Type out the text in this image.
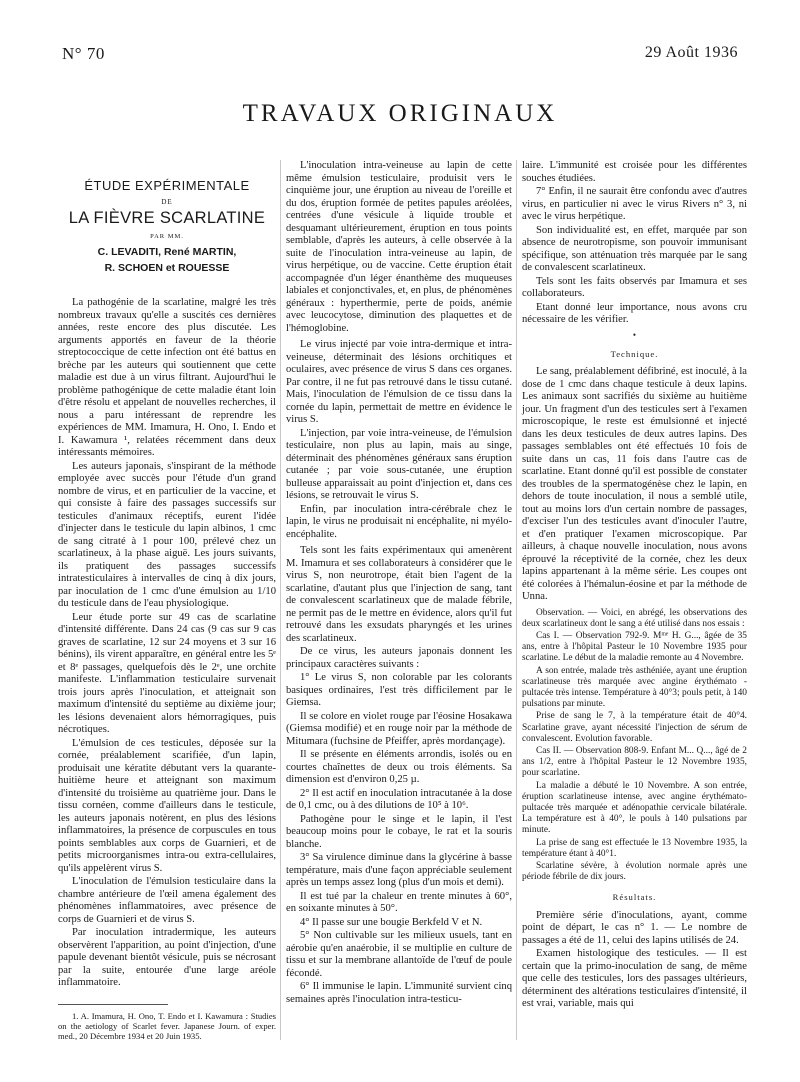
N° 70	29 Août 1936
TRAVAUX ORIGINAUX
ÉTUDE EXPÉRIMENTALE
DE
LA FIÈVRE SCARLATINE
PAR MM.
C. LEVADITI, René MARTIN,
R. SCHOEN et ROUESSE

La pathogénie de la scarlatine, malgré les très nombreux travaux qu'elle a suscités ces dernières années, reste encore des plus discutée. Les arguments apportés en faveur de la théorie streptococcique de cette infection ont été battus en brèche par les auteurs qui soutiennent que cette maladie est due à un virus filtrant. Aujourd'hui le problème pathogénique de cette maladie étant loin d'être résolu et appelant de nouvelles recherches, il nous a paru intéressant de reprendre les expériences de MM. Imamura, H. Ono, I. Endo et I. Kawamura ¹, relatées récemment dans deux intéressants mémoires.

Les auteurs japonais, s'inspirant de la méthode employée avec succès pour l'étude d'un grand nombre de virus, et en particulier de la vaccine, et qui consiste à faire des passages successifs sur testicules d'animaux réceptifs, eurent l'idée d'injecter dans le testicule du lapin albinos, 1 cmc de sang citraté à 1 pour 100, prélevé chez un scarlatineux, à la phase aiguë. Les jours suivants, ils pratiquent des passages successifs intratesticulaires à intervalles de cinq à dix jours, par inoculation de 1 cmc d'une émulsion au 1/10 du testicule dans de l'eau physiologique.

Leur étude porte sur 49 cas de scarlatine d'intensité différente. Dans 24 cas (9 cas sur 9 cas graves de scarlatine, 12 sur 24 moyens et 3 sur 16 bénins), ils virent apparaître, en général entre les 5ᵉ et 8ᵉ passages, quelquefois dès le 2ᵉ, une orchite manifeste. L'inflammation testiculaire survenait trois jours après l'inoculation, et atteignait son maximum d'intensité du septième au dixième jour; les lésions devenaient alors hémorragiques, puis nécrotiques.

L'émulsion de ces testicules, déposée sur la cornée, préalablement scarifiée, d'un lapin, produisait une kératite débutant vers la quarante-huitième heure et atteignant son maximum d'intensité du troisième au quatrième jour. Dans le tissu cornéen, comme d'ailleurs dans le testicule, les auteurs japonais notèrent, en plus des lésions inflammatoires, la présence de corpuscules en tous points semblables aux corps de Guarnieri, et de petits microorganismes intra-ou extra-cellulaires, qu'ils appelèrent virus S.

L'inoculation de l'émulsion testiculaire dans la chambre antérieure de l'œil amena également des phénomènes inflammatoires, avec présence de corps de Guarnieri et de virus S.

Par inoculation intradermique, les auteurs observèrent l'apparition, au point d'injection, d'une papule devenant bientôt vésicule, puis se nécrosant par la suite, entourée d'une large aréole inflammatoire.

1. A. Imamura, H. Ono, T. Endo et I. Kawamura : Studies on the aetiology of Scarlet fever. Japanese Journ. of exper. med., 20 Décembre 1934 et 20 Juin 1935.

L'inoculation intra-veineuse au lapin de cette même émulsion testiculaire, produisit vers le cinquième jour, une éruption au niveau de l'oreille et du dos, éruption formée de petites papules aréolées, centrées d'une vésicule à liquide trouble et desquamant ultérieurement, éruption en tous points semblable, d'après les auteurs, à celle observée à la suite de l'inoculation intra-veineuse au lapin, de virus herpétique, ou de vaccine. Cette éruption était accompagnée d'un léger énanthème des muqueuses labiales et conjonctivales, et, en plus, de phénomènes généraux : hyperthermie, perte de poids, anémie avec leucocytose, diminution des plaquettes et de l'hémoglobine.

Le virus injecté par voie intra-dermique et intra-veineuse, déterminait des lésions orchitiques et oculaires, avec présence de virus S dans ces organes. Par contre, il ne fut pas retrouvé dans le tissu cutané. Mais, l'inoculation de l'émulsion de ce tissu dans la cornée du lapin, permettait de mettre en évidence le virus S.

L'injection, par voie intra-veineuse, de l'émulsion testiculaire, non plus au lapin, mais au singe, déterminait des phénomènes généraux sans éruption cutanée ; par voie sous-cutanée, une éruption bulleuse apparaissait au point d'injection et, dans ces lésions, se retrouvait le virus S.

Enfin, par inoculation intra-cérébrale chez le lapin, le virus ne produisait ni encéphalite, ni myélo-encéphalite.

Tels sont les faits expérimentaux qui amenèrent M. Imamura et ses collaborateurs à considérer que le virus S, non neurotrope, était bien l'agent de la scarlatine, d'autant plus que l'injection de sang, tant de convalescent scarlatineux que de malade fébrile, ne permit pas de le mettre en évidence, alors qu'il fut retrouvé dans les exsudats pharyngés et les urines des scarlatineux.

De ce virus, les auteurs japonais donnent les principaux caractères suivants :

1° Le virus S, non colorable par les colorants basiques ordinaires, l'est très difficilement par le Giemsa.

Il se colore en violet rouge par l'éosine Hosakawa (Giemsa modifié) et en rouge noir par la méthode de Mitumara (fuchsine de Pfeiffer, après mordançage).

Il se présente en éléments arrondis, isolés ou en courtes chaînettes de deux ou trois éléments. Sa dimension est d'environ 0,25 µ.

2° Il est actif en inoculation intracutanée à la dose de 0,1 cmc, ou à des dilutions de 10⁵ à 10⁶.

Pathogène pour le singe et le lapin, il l'est beaucoup moins pour le cobaye, le rat et la souris blanche.

3° Sa virulence diminue dans la glycérine à basse température, mais d'une façon appréciable seulement après un temps assez long (plus d'un mois et demi).

Il est tué par la chaleur en trente minutes à 60°, en soixante minutes à 50°.

4° Il passe sur une bougie Berkfeld V et N.

5° Non cultivable sur les milieux usuels, tant en aérobie qu'en anaérobie, il se multiplie en culture de tissu et sur la membrane allantoïde de l'œuf de poule fécondé.

6° Il immunise le lapin. L'immunité survient cinq semaines après l'inoculation intra-testicu-

laire. L'immunité est croisée pour les différentes souches étudiées.

7° Enfin, il ne saurait être confondu avec d'autres virus, en particulier ni avec le virus Rivers n° 3, ni avec le virus herpétique.

Son individualité est, en effet, marquée par son absence de neurotropisme, son pouvoir immunisant spécifique, son atténuation très marquée par le sang de convalescent scarlatineux.

Tels sont les faits observés par Imamura et ses collaborateurs.

Etant donné leur importance, nous avons cru nécessaire de les vérifier.

•
Technique.

Le sang, préalablement défibriné, est inoculé, à la dose de 1 cmc dans chaque testicule à deux lapins. Les animaux sont sacrifiés du sixième au huitième jour. Un fragment d'un des testicules sert à l'examen microscopique, le reste est émulsionné et injecté dans les deux testicules de deux autres lapins. Des passages semblables ont été effectués 10 fois de suite dans un cas, 11 fois dans l'autre cas de scarlatine. Etant donné qu'il est possible de constater des troubles de la spermatogénèse chez le lapin, en dehors de toute inoculation, il nous a semblé utile, tout au moins lors d'un certain nombre de passages, d'exciser l'un des testicules avant d'inoculer l'autre, et d'en pratiquer l'examen microscopique. Par ailleurs, à chaque nouvelle inoculation, nous avons éprouvé la réceptivité de la cornée, chez les deux lapins appartenant à la même série. Les coupes ont été colorées à l'hémalun-éosine et par la méthode de Unna.

Observation. — Voici, en abrégé, les observations des deux scarlatineux dont le sang a été utilisé dans nos essais :

Cas I. — Observation 792-9. Mᵐᵉ H. G..., âgée de 35 ans, entre à l'hôpital Pasteur le 10 Novembre 1935 pour scarlatine. Le début de la maladie remonte au 4 Novembre.

A son entrée, malade très asthéniée, ayant une éruption scarlatineuse très marquée avec angine érythémato - pultacée très intense. Température à 40°3; pouls petit, à 140 pulsations par minute.

Prise de sang le 7, à la température était de 40°4. Scarlatine grave, ayant nécessité l'injection de sérum de convalescent. Evolution favorable.

Cas II. — Observation 808-9. Enfant M... Q..., âgé de 2 ans 1/2, entre à l'hôpital Pasteur le 12 Novembre 1935, pour scarlatine.

La maladie a débuté le 10 Novembre. A son entrée, éruption scarlatineuse intense, avec angine érythémato-pultacée très marquée et adénopathie cervicale bilatérale. La température est à 40°, le pouls à 140 pulsations par minute.

La prise de sang est effectuée le 13 Novembre 1935, la température étant à 40°1.

Scarlatine sévère, à évolution normale après une période fébrile de dix jours.

Résultats.

Première série d'inoculations, ayant, comme point de départ, le cas n° 1. — Le nombre de passages a été de 11, celui des lapins utilisés de 24.

Examen histologique des testicules. — Il est certain que la primo-inoculation de sang, de même que celle des testicules, lors des passages ultérieurs, déterminent des altérations testiculaires d'intensité, il est vrai, variable, mais qui
